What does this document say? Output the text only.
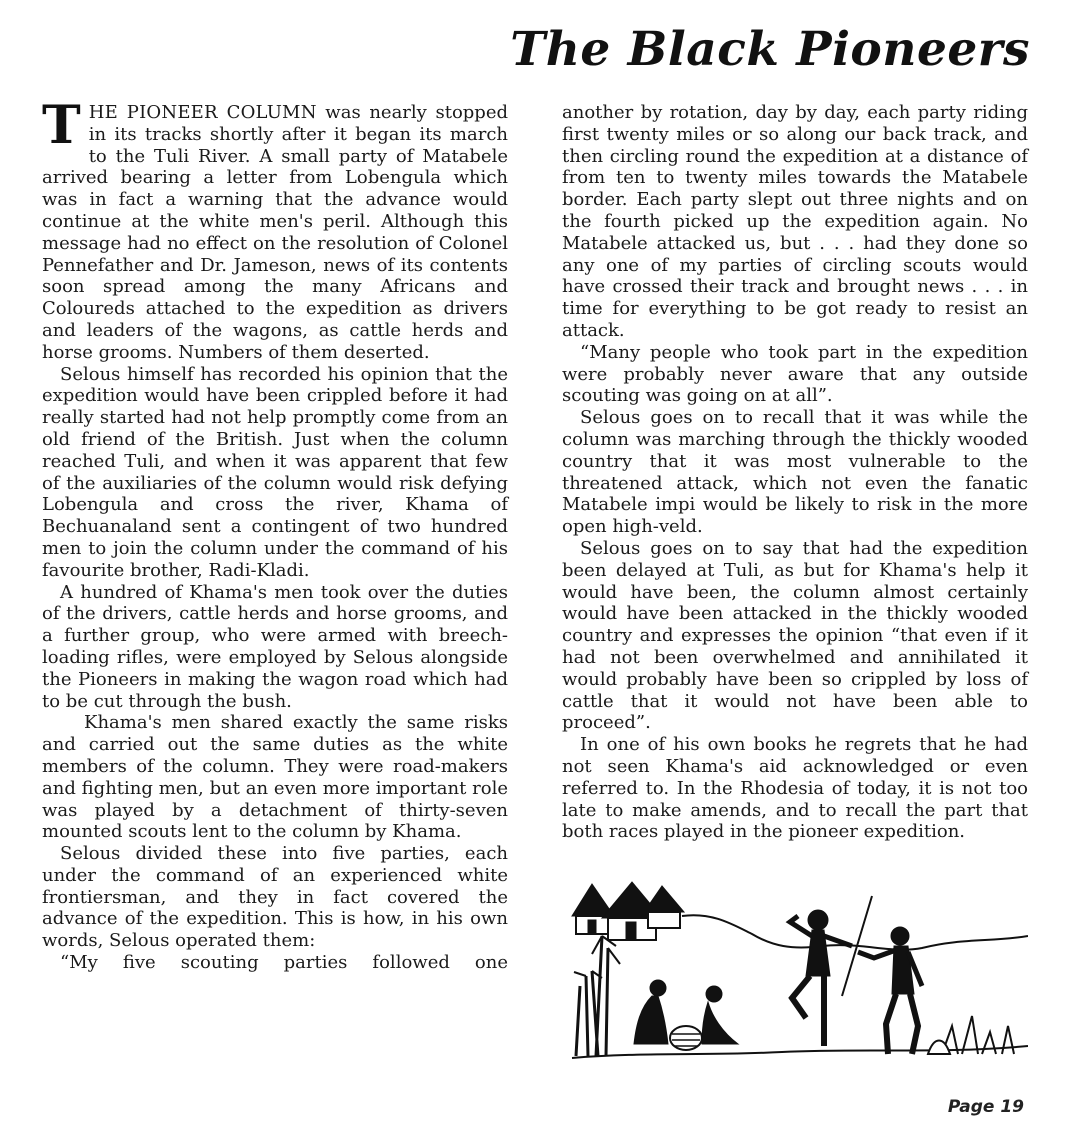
The Black Pioneers

THE PIONEER COLUMN was nearly stopped in its tracks shortly after it began its march to the Tuli River. A small party of Matabele arrived bearing a letter from Lobengula which was in fact a warning that the advance would continue at the white men's peril. Although this message had no effect on the resolution of Colonel Pennefather and Dr. Jameson, news of its contents soon spread among the many Africans and Coloureds attached to the expedition as drivers and leaders of the wagons, as cattle herds and horse grooms. Numbers of them deserted.

Selous himself has recorded his opinion that the expedition would have been crippled before it had really started had not help promptly come from an old friend of the British. Just when the column reached Tuli, and when it was apparent that few of the auxiliaries of the column would risk defying Lobengula and cross the river, Khama of Bechuanaland sent a contingent of two hundred men to join the column under the command of his favourite brother, Radi-Kladi.

A hundred of Khama's men took over the duties of the drivers, cattle herds and horse grooms, and a further group, who were armed with breech-loading rifles, were employed by Selous alongside the Pioneers in making the wagon road which had to be cut through the bush.

Khama's men shared exactly the same risks and carried out the same duties as the white members of the column. They were road-makers and fighting men, but an even more important role was played by a detachment of thirty-seven mounted scouts lent to the column by Khama.

Selous divided these into five parties, each under the command of an experienced white frontiersman, and they in fact covered the advance of the expedition. This is how, in his own words, Selous operated them:

“My five scouting parties followed one

another by rotation, day by day, each party riding first twenty miles or so along our back track, and then circling round the expedition at a distance of from ten to twenty miles towards the Matabele border. Each party slept out three nights and on the fourth picked up the expedition again. No Matabele attacked us, but . . . had they done so any one of my parties of circling scouts would have crossed their track and brought news . . . in time for everything to be got ready to resist an attack.

“Many people who took part in the expedition were probably never aware that any outside scouting was going on at all”.

Selous goes on to recall that it was while the column was marching through the thickly wooded country that it was most vulnerable to the threatened attack, which not even the fanatic Matabele impi would be likely to risk in the more open high-veld.

Selous goes on to say that had the expedition been delayed at Tuli, as but for Khama's help it would have been, the column almost certainly would have been attacked in the thickly wooded country and expresses the opinion “that even if it had not been overwhelmed and annihilated it would probably have been so crippled by loss of cattle that it would not have been able to proceed”.

In one of his own books he regrets that he had not seen Khama's aid acknowledged or even referred to. In the Rhodesia of today, it is not too late to make amends, and to recall the part that both races played in the pioneer expedition.

Page 19
